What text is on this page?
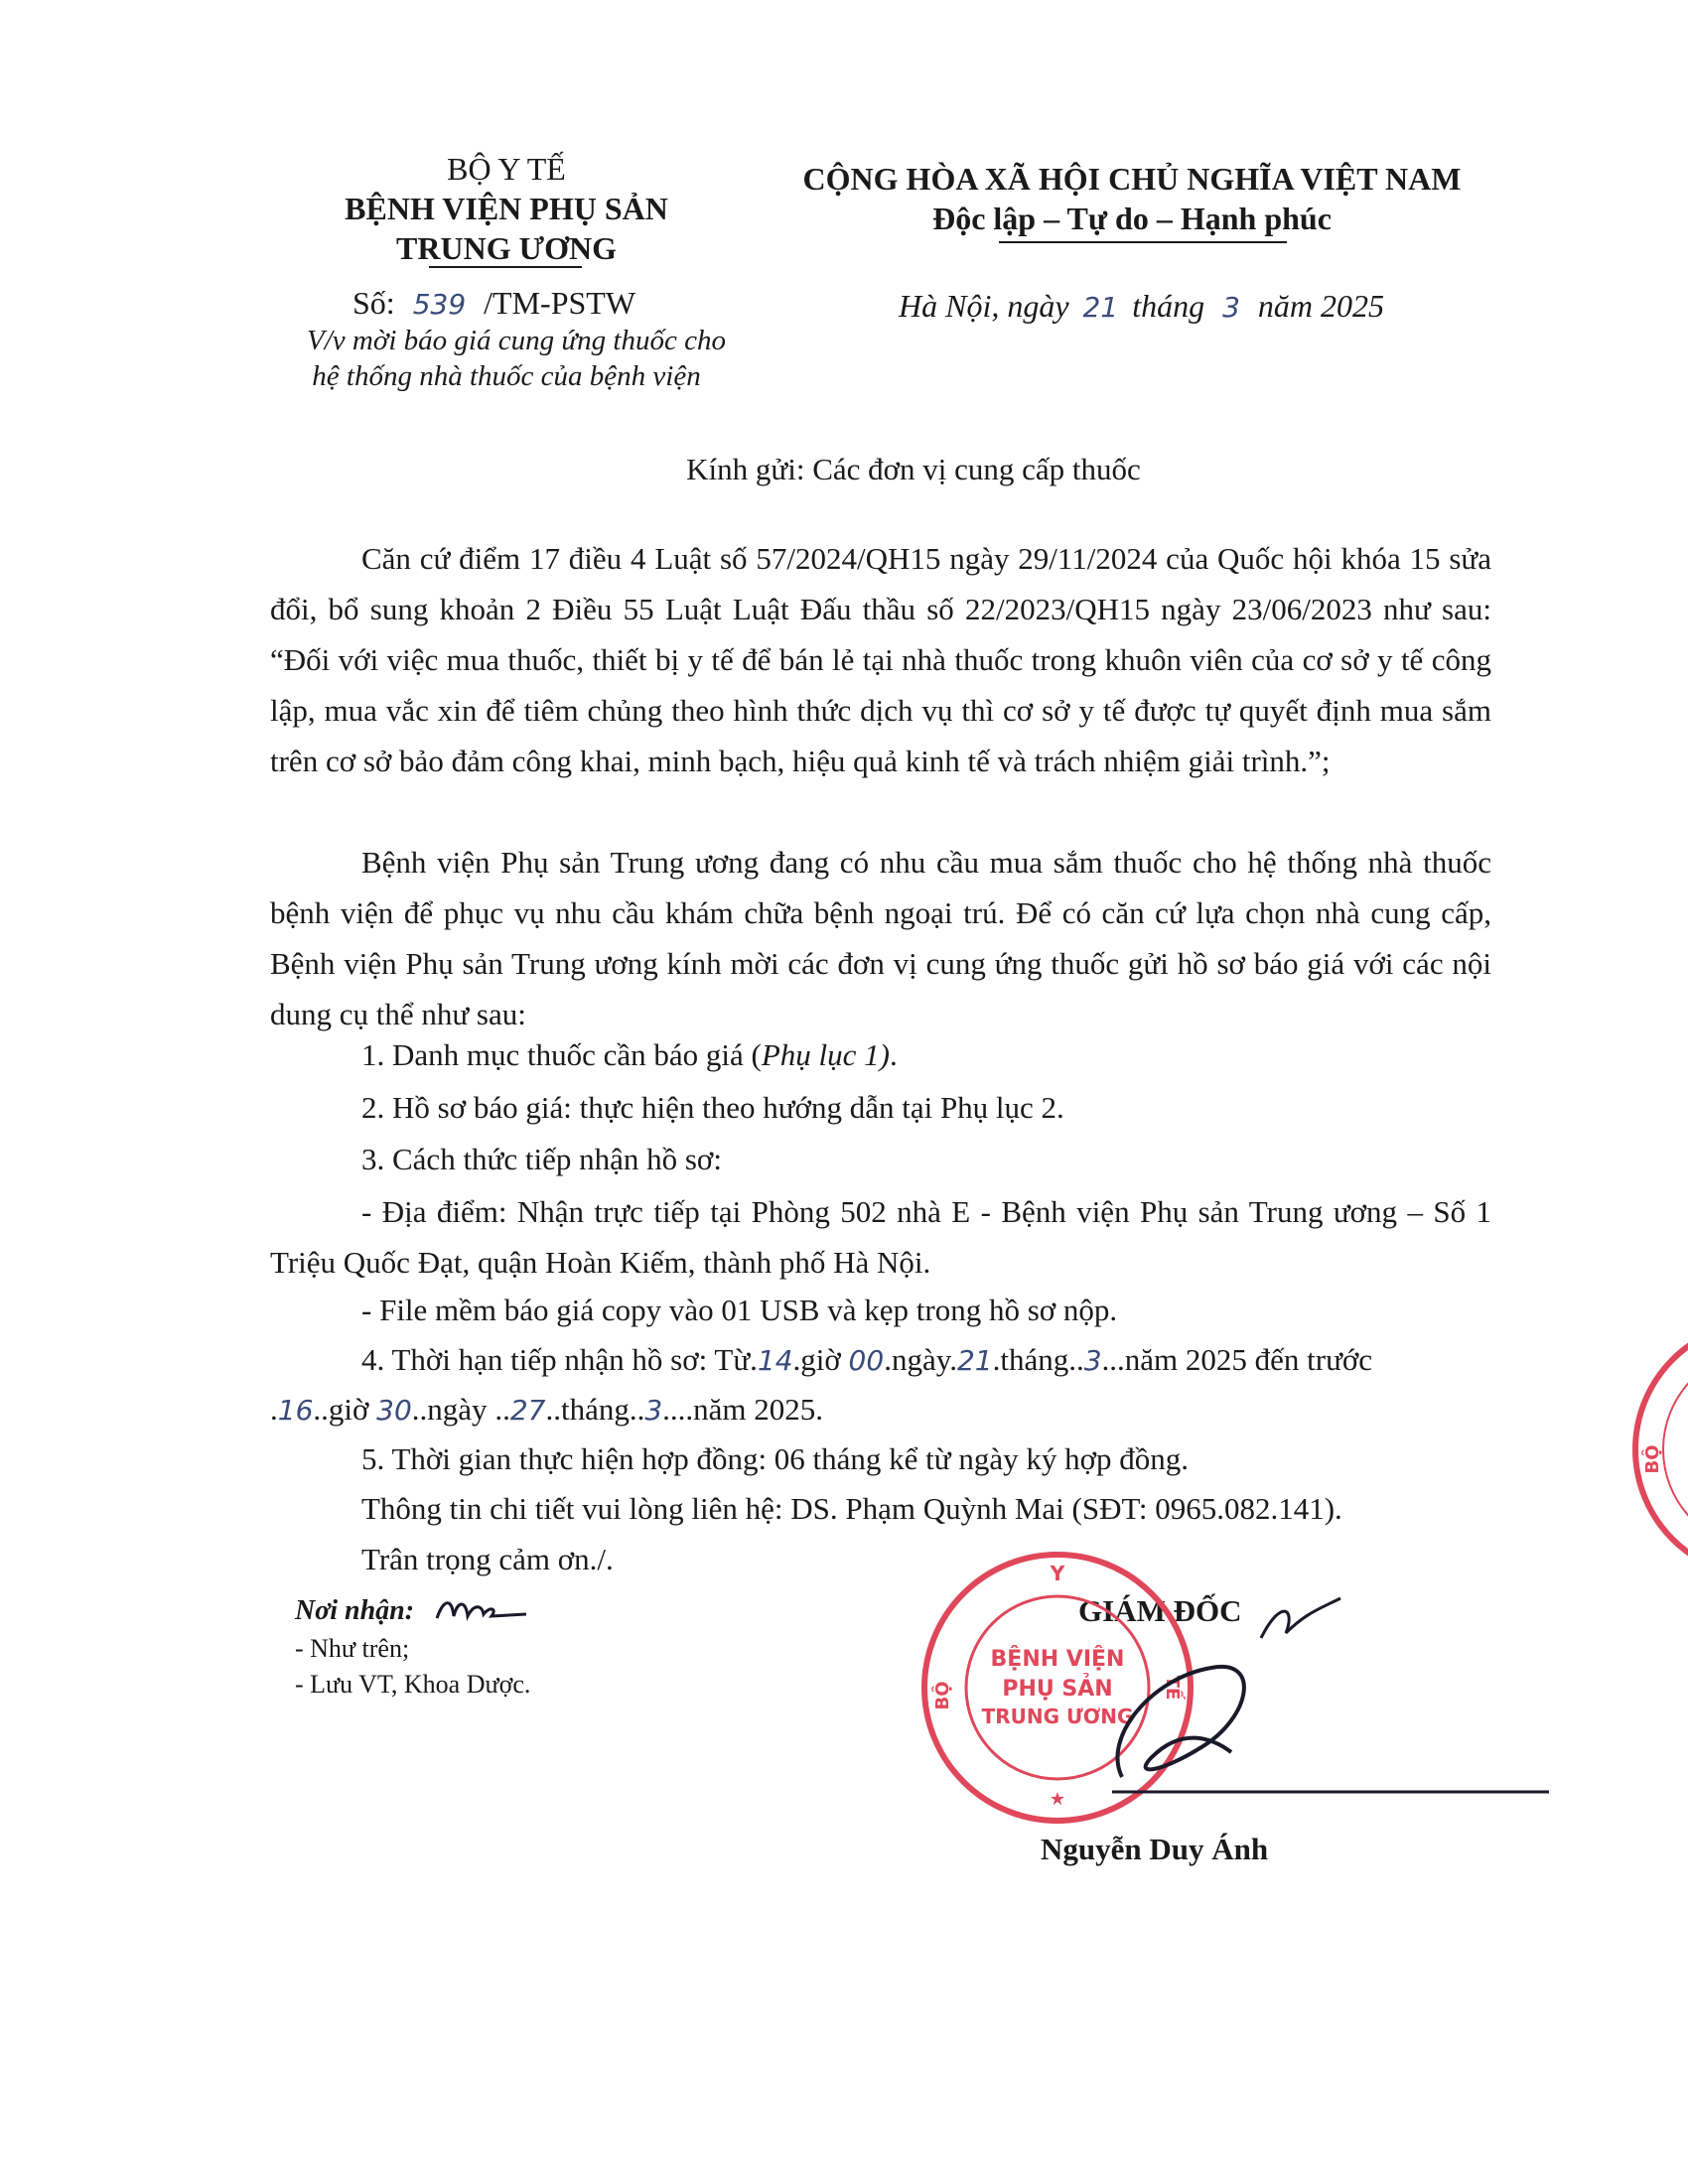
BỘ Y TẾ
BỆNH VIỆN PHỤ SẢN
TRUNG ƯƠNG
Số: 539 /TM-PSTW
V/v mời báo giá cung ứng thuốc cho
hệ thống nhà thuốc của bệnh viện
CỘNG HÒA XÃ HỘI CHỦ NGHĨA VIỆT NAM
Độc lập – Tự do – Hạnh phúc
Hà Nội, ngày 21 tháng 3 năm 2025
Kính gửi: Các đơn vị cung cấp thuốc
Căn cứ điểm 17 điều 4 Luật số 57/2024/QH15 ngày 29/11/2024 của Quốc hội khóa 15 sửa đổi, bổ sung khoản 2 Điều 55 Luật Luật Đấu thầu số 22/2023/QH15 ngày 23/06/2023 như sau: “Đối với việc mua thuốc, thiết bị y tế để bán lẻ tại nhà thuốc trong khuôn viên của cơ sở y tế công lập, mua vắc xin để tiêm chủng theo hình thức dịch vụ thì cơ sở y tế được tự quyết định mua sắm trên cơ sở bảo đảm công khai, minh bạch, hiệu quả kinh tế và trách nhiệm giải trình.”;
Bệnh viện Phụ sản Trung ương đang có nhu cầu mua sắm thuốc cho hệ thống nhà thuốc bệnh viện để phục vụ nhu cầu khám chữa bệnh ngoại trú. Để có căn cứ lựa chọn nhà cung cấp, Bệnh viện Phụ sản Trung ương kính mời các đơn vị cung ứng thuốc gửi hồ sơ báo giá với các nội dung cụ thể như sau:
1. Danh mục thuốc cần báo giá (Phụ lục 1).
2. Hồ sơ báo giá: thực hiện theo hướng dẫn tại Phụ lục 2.
3. Cách thức tiếp nhận hồ sơ:
- Địa điểm: Nhận trực tiếp tại Phòng 502 nhà E - Bệnh viện Phụ sản Trung ương – Số 1 Triệu Quốc Đạt, quận Hoàn Kiếm, thành phố Hà Nội.
- File mềm báo giá copy vào 01 USB và kẹp trong hồ sơ nộp.
4. Thời hạn tiếp nhận hồ sơ: Từ.14.giờ 00.ngày.21.tháng..3...năm 2025 đến trước
.16..giờ 30..ngày ..27..tháng..3....năm 2025.
5. Thời gian thực hiện hợp đồng: 06 tháng kể từ ngày ký hợp đồng.
Thông tin chi tiết vui lòng liên hệ: DS. Phạm Quỳnh Mai (SĐT: 0965.082.141).
Trân trọng cảm ơn./.
Nơi nhận:
- Như trên;
- Lưu VT, Khoa Dược.
GIÁM ĐỐC
BỆNH VIỆN
PHỤ SẢN
TRUNG ƯƠNG
Y
BỘ	TẾ
★
Nguyễn Duy Ánh
BỘ
